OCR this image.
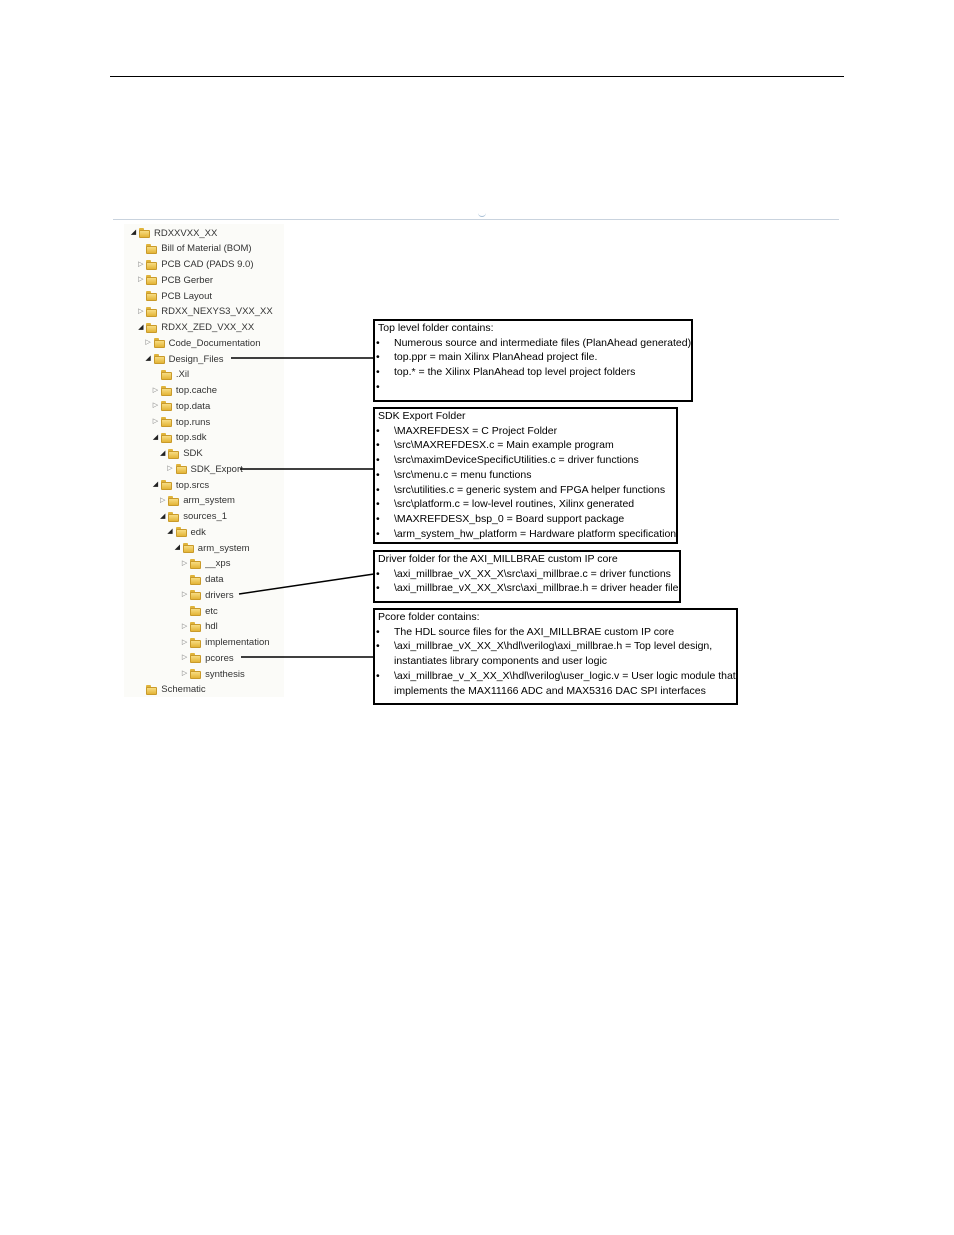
◢ RDXXVXX_XX
Bill of Material (BOM)
▷ PCB CAD (PADS 9.0)
▷ PCB Gerber
PCB Layout
▷ RDXX_NEXYS3_VXX_XX
◢ RDXX_ZED_VXX_XX
▷ Code_Documentation
◢ Design_Files
.Xil
▷ top.cache
▷ top.data
▷ top.runs
◢ top.sdk
◢ SDK
▷ SDK_Export
◢ top.srcs
▷ arm_system
◢ sources_1
◢ edk
◢ arm_system
▷ __xps
data
▷ drivers
etc
▷ hdl
▷ implementation
▷ pcores
▷ synthesis
Schematic
Top level folder contains:
• Numerous source and intermediate files (PlanAhead generated)
• top.ppr = main Xilinx PlanAhead project file.
• top.* = the Xilinx PlanAhead top level project folders
SDK Export Folder
• \MAXREFDESX = C Project Folder
• \src\MAXREFDESX.c = Main example program
• \src\maximDeviceSpecificUtilities.c = driver functions
• \src\menu.c = menu functions
• \src\utilities.c = generic system and FPGA helper functions
• \src\platform.c = low-level routines, Xilinx generated
• \MAXREFDESX_bsp_0 = Board support package
• \arm_system_hw_platform = Hardware platform specification
Driver folder for the AXI_MILLBRAE custom IP core
• \axi_millbrae_vX_XX_X\src\axi_millbrae.c = driver functions
• \axi_millbrae_vX_XX_X\src\axi_millbrae.h = driver header file
Pcore folder contains:
• The HDL source files for the AXI_MILLBRAE custom IP core
• \axi_millbrae_vX_XX_X\hdl\verilog\axi_millbrae.h = Top level design,
instantiates library components and user logic
• \axi_millbrae_v_X_XX_X\hdl\verilog\user_logic.v = User logic module that
implements the MAX11166 ADC and MAX5316 DAC SPI interfaces
